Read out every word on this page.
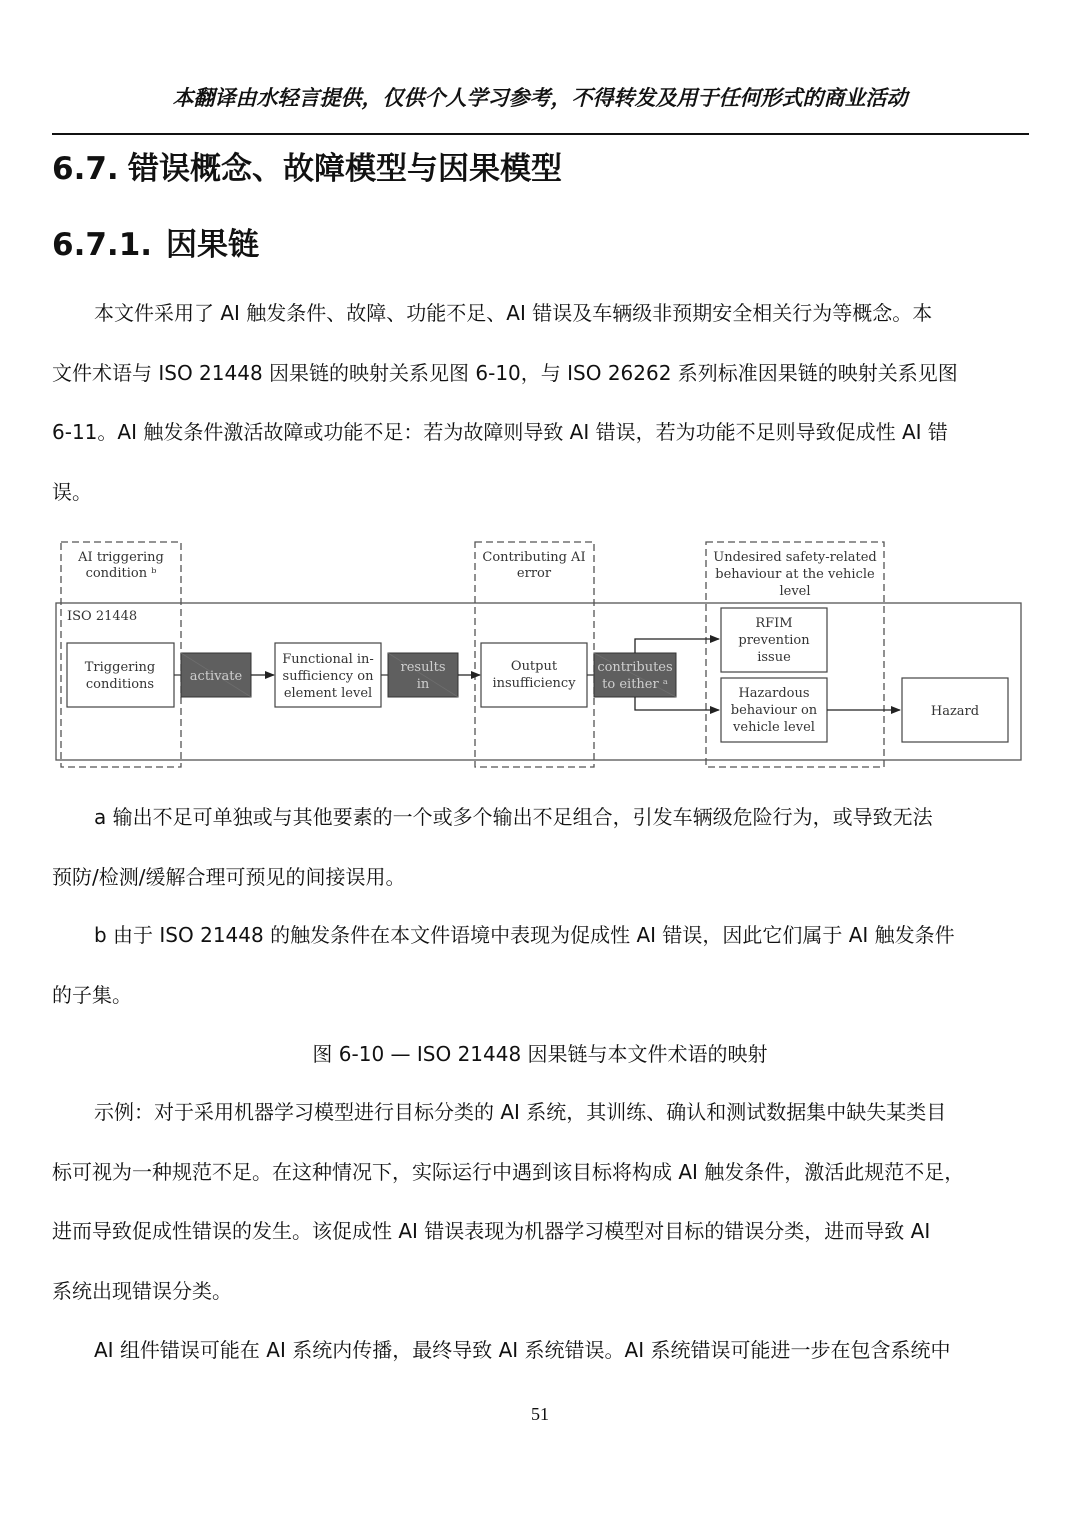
本翻译由水轻言提供，仅供个人学习参考，不得转发及用于任何形式的商业活动
6.7. 错误概念、故障模型与因果模型
6.7.1. 因果链
本文件采用了 AI 触发条件、故障、功能不足、AI 错误及车辆级非预期安全相关行为等概念。本
文件术语与 ISO 21448 因果链的映射关系见图 6-10，与 ISO 26262 系列标准因果链的映射关系见图
6-11。AI 触发条件激活故障或功能不足：若为故障则导致 AI 错误，若为功能不足则导致促成性 AI 错
误。
ISO 21448
AI triggering
condition ᵇ
Contributing AI
error
Undesired safety-related
behaviour at the vehicle
level
Triggering
conditions
activate
Functional in-
sufficiency on
element level
results
in
Output
insufficiency
contributes
to either ᵃ
RFIM
prevention
issue
Hazardous
behaviour on
vehicle level
Hazard
a 输出不足可单独或与其他要素的一个或多个输出不足组合，引发车辆级危险行为，或导致无法
预防/检测/缓解合理可预见的间接误用。
b 由于 ISO 21448 的触发条件在本文件语境中表现为促成性 AI 错误，因此它们属于 AI 触发条件
的子集。
图 6-10 — ISO 21448 因果链与本文件术语的映射
示例：对于采用机器学习模型进行目标分类的 AI 系统，其训练、确认和测试数据集中缺失某类目
标可视为一种规范不足。在这种情况下，实际运行中遇到该目标将构成 AI 触发条件，激活此规范不足，
进而导致促成性错误的发生。该促成性 AI 错误表现为机器学习模型对目标的错误分类，进而导致 AI
系统出现错误分类。
AI 组件错误可能在 AI 系统内传播，最终导致 AI 系统错误。AI 系统错误可能进一步在包含系统中
51
